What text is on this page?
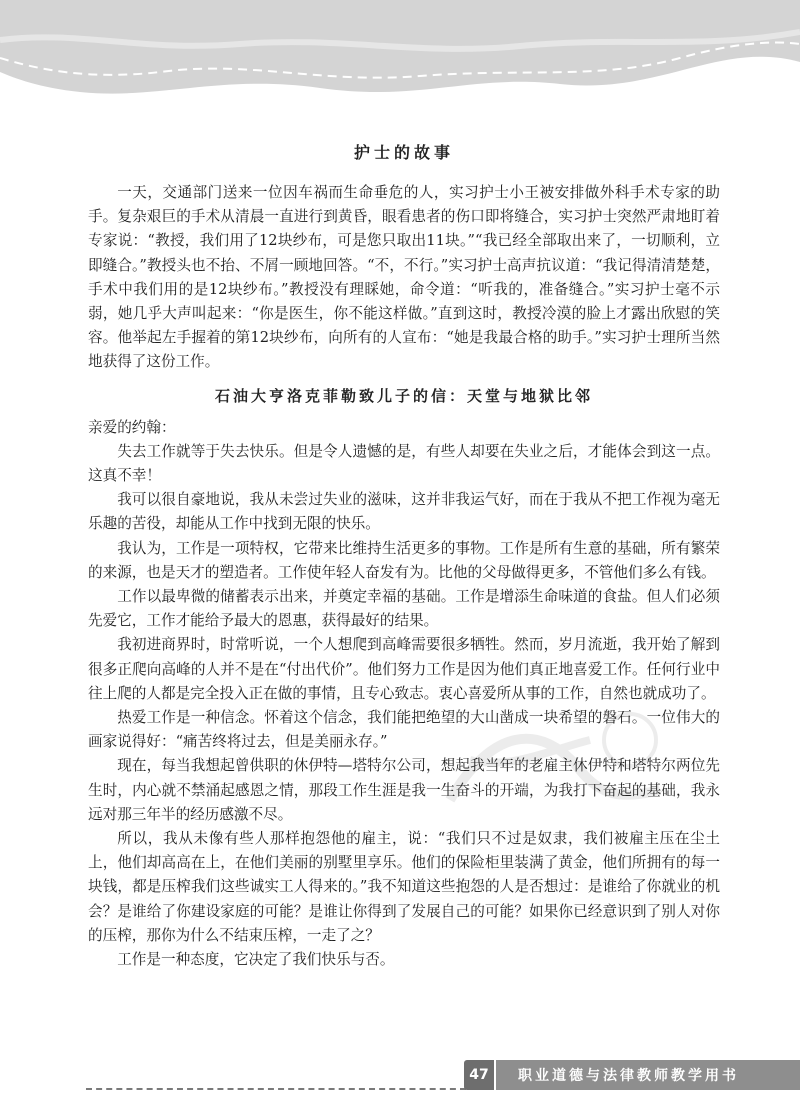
护士的故事

一天，交通部门送来一位因车祸而生命垂危的人，实习护士小王被安排做外科手术专家的助手。复杂艰巨的手术从清晨一直进行到黄昏，眼看患者的伤口即将缝合，实习护士突然严肃地盯着专家说：“教授，我们用了12块纱布，可是您只取出11块。”“我已经全部取出来了，一切顺利，立即缝合。”教授头也不抬、不屑一顾地回答。“不，不行。”实习护士高声抗议道：“我记得清清楚楚，手术中我们用的是12块纱布。”教授没有理睬她，命令道：“听我的，准备缝合。”实习护士毫不示弱，她几乎大声叫起来：“你是医生，你不能这样做。”直到这时，教授冷漠的脸上才露出欣慰的笑容。他举起左手握着的第12块纱布，向所有的人宣布：“她是我最合格的助手。”实习护士理所当然地获得了这份工作。

石油大亨洛克菲勒致儿子的信：天堂与地狱比邻

亲爱的约翰：

失去工作就等于失去快乐。但是令人遗憾的是，有些人却要在失业之后，才能体会到这一点。这真不幸！

我可以很自豪地说，我从未尝过失业的滋味，这并非我运气好，而在于我从不把工作视为毫无乐趣的苦役，却能从工作中找到无限的快乐。

我认为，工作是一项特权，它带来比维持生活更多的事物。工作是所有生意的基础，所有繁荣的来源，也是天才的塑造者。工作使年轻人奋发有为。比他的父母做得更多，不管他们多么有钱。

工作以最卑微的储蓄表示出来，并奠定幸福的基础。工作是增添生命味道的食盐。但人们必须先爱它，工作才能给予最大的恩惠，获得最好的结果。

我初进商界时，时常听说，一个人想爬到高峰需要很多牺牲。然而，岁月流逝，我开始了解到很多正爬向高峰的人并不是在“付出代价”。他们努力工作是因为他们真正地喜爱工作。任何行业中往上爬的人都是完全投入正在做的事情，且专心致志。衷心喜爱所从事的工作，自然也就成功了。

热爱工作是一种信念。怀着这个信念，我们能把绝望的大山凿成一块希望的磐石。一位伟大的画家说得好：“痛苦终将过去，但是美丽永存。”

现在，每当我想起曾供职的休伊特—塔特尔公司，想起我当年的老雇主休伊特和塔特尔两位先生时，内心就不禁涌起感恩之情，那段工作生涯是我一生奋斗的开端，为我打下奋起的基础，我永远对那三年半的经历感激不尽。

所以，我从未像有些人那样抱怨他的雇主，说：“我们只不过是奴隶，我们被雇主压在尘土上，他们却高高在上，在他们美丽的别墅里享乐。他们的保险柜里装满了黄金，他们所拥有的每一块钱，都是压榨我们这些诚实工人得来的。”我不知道这些抱怨的人是否想过：是谁给了你就业的机会？是谁给了你建设家庭的可能？是谁让你得到了发展自己的可能？如果你已经意识到了别人对你的压榨，那你为什么不结束压榨，一走了之？

工作是一种态度，它决定了我们快乐与否。

47	职业道德与法律教师教学用书
